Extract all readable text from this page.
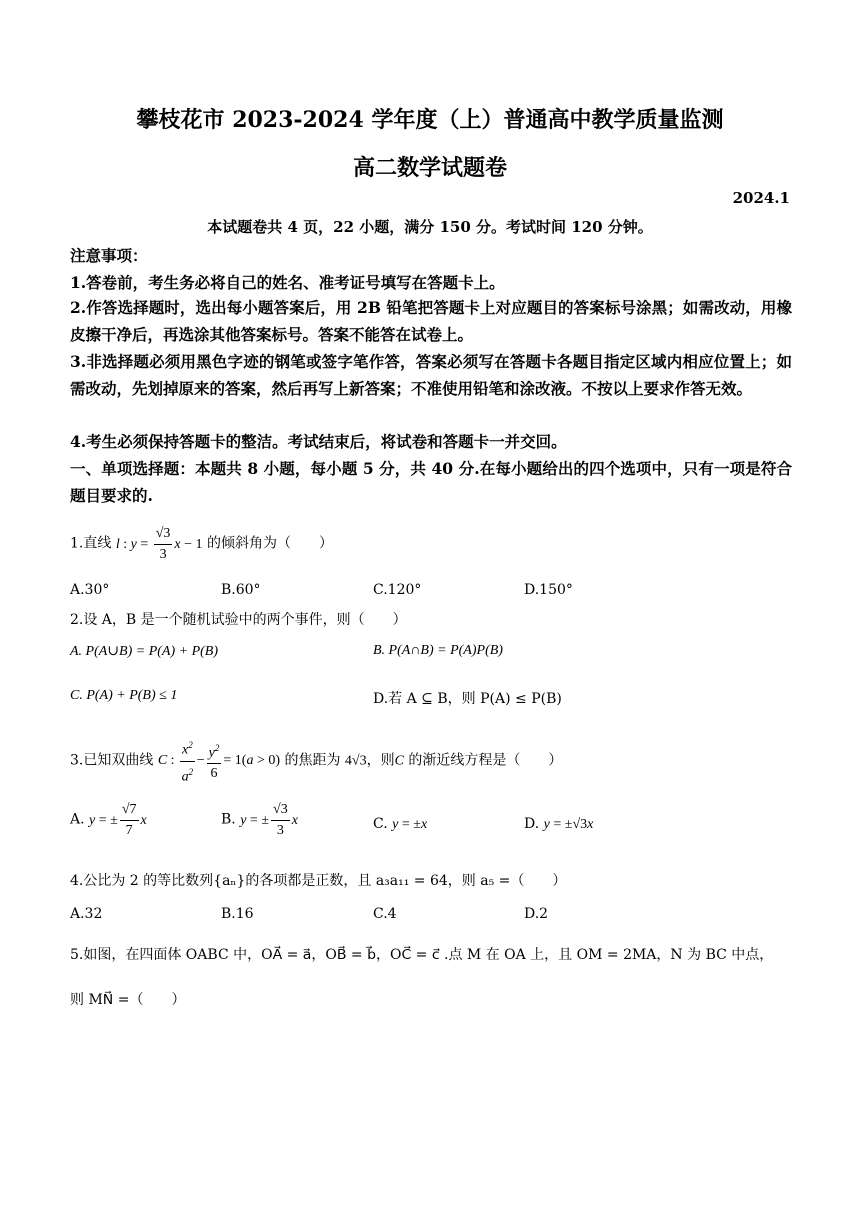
攀枝花市 2023-2024 学年度（上）普通高中教学质量监测
高二数学试题卷
2024.1
本试题卷共 4 页，22 小题，满分 150 分。考试时间 120 分钟。
注意事项：
1.答卷前，考生务必将自己的姓名、准考证号填写在答题卡上。
2.作答选择题时，选出每小题答案后，用 2B 铅笔把答题卡上对应题目的答案标号涂黑；如需改动，用橡皮擦干净后，再选涂其他答案标号。答案不能答在试卷上。
3.非选择题必须用黑色字迹的钢笔或签字笔作答，答案必须写在答题卡各题目指定区域内相应位置上；如需改动，先划掉原来的答案，然后再写上新答案；不准使用铅笔和涂改液。不按以上要求作答无效。
4.考生必须保持答题卡的整洁。考试结束后，将试卷和答题卡一并交回。
一、单项选择题：本题共 8 小题，每小题 5 分，共 40 分.在每小题给出的四个选项中，只有一项是符合题目要求的.
1.直线 l : $y = \frac{√3}{3}$ x − 1 的倾斜角为（　　）
A.30°	B.60°	C.120°	D.150°
2.设 A，B 是一个随机试验中的两个事件，则（　　）
A. P(A∪B) = P(A) + P(B)	B. P(A∩B) = P(A)P(B)
C. P(A) + P(B) ≤ 1	D.若 A ⊆ B，则 P(A) ≤ P(B)
3.已知双曲线 C : $\frac{x^2}{a^2} - \frac{y^2}{6} = 1(a > 0)$ 的焦距为 4√3，则C 的渐近线方程是（　　）
A. y = ± $\frac{√7}{7}$ x	B. y = ± $\frac{√3}{3}$ x	C. y = ±x	D. y = ±√3x
4.公比为 2 的等比数列{aₙ}的各项都是正数，且 a₃a₁₁ = 64，则 a₅ =（　　）
A.32	B.16	C.4	D.2
5.如图，在四面体 OABC 中，OA⃗ = a⃗，OB⃗ = b⃗，OC⃗ = c⃗ .点 M 在 OA 上，且 OM = 2MA，N 为 BC 中点，
则 MN⃗ =（　　）
